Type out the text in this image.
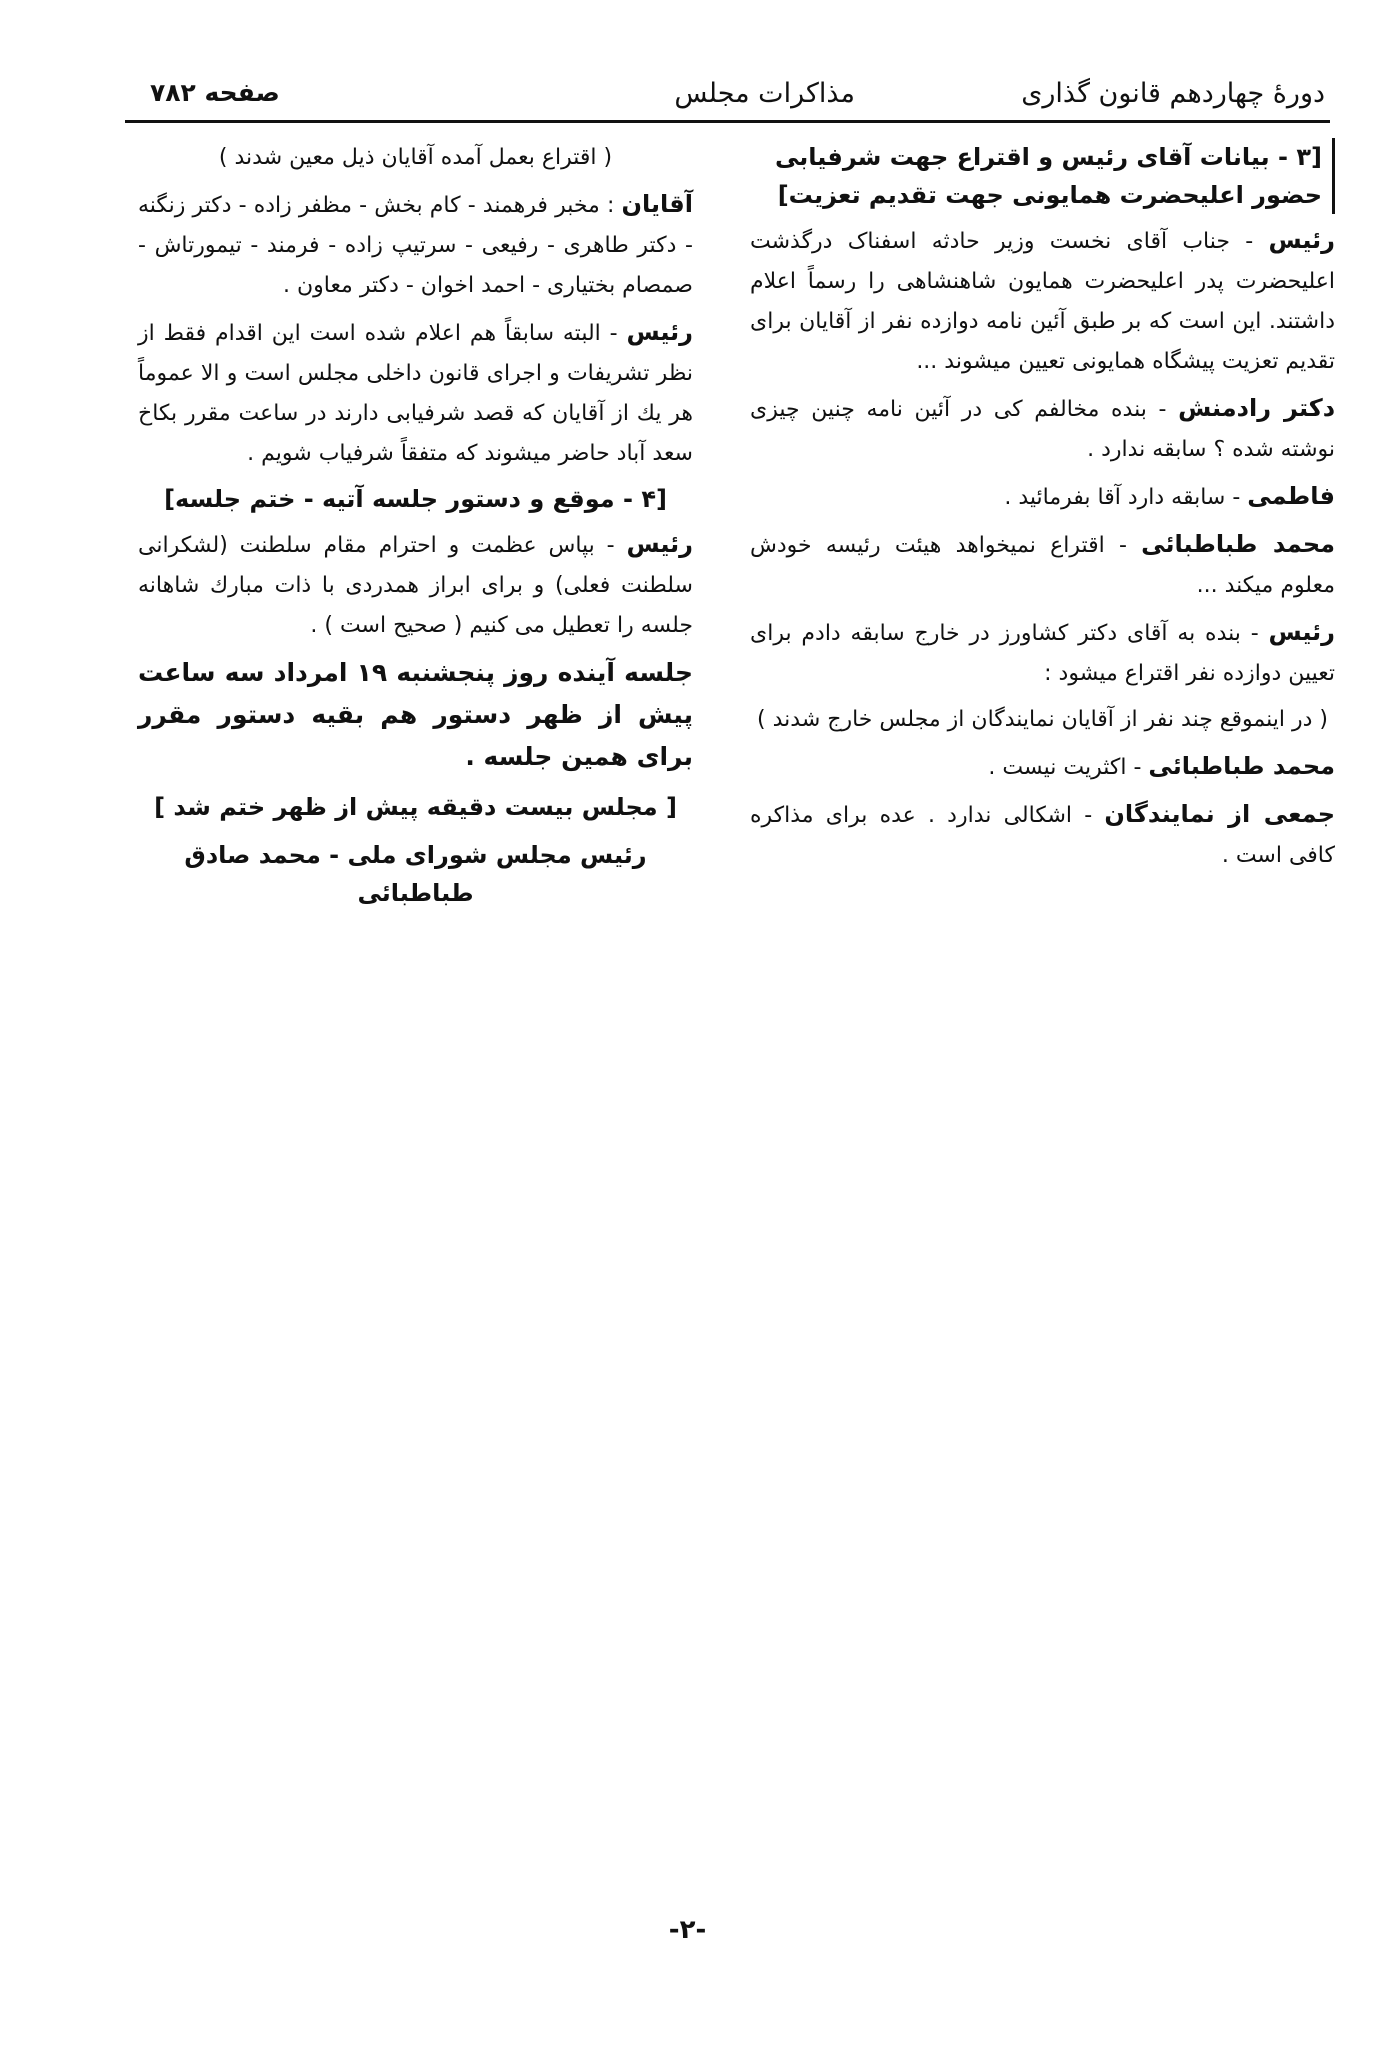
دورهٔ چهاردهم قانون گذاری
مذاکرات مجلس
صفحه ۷۸۲
[۳ - بیانات آقای رئیس و اقتراع جهت شرفیابی حضور اعلیحضرت همایونی جهت تقدیم تعزیت]

رئیس - جناب آقای نخست وزیر حادثه اسفناک درگذشت اعلیحضرت پدر اعلیحضرت همایون شاهنشاهی را رسماً اعلام داشتند. این است که بر طبق آئین نامه دوازده نفر از آقایان برای تقدیم تعزیت پیشگاه همایونی تعیین میشوند ...

دکتر رادمنش - بنده مخالفم کی در آئین نامه چنین چیزی نوشته شده ؟ سابقه ندارد .

فاطمی - سابقه دارد آقا بفرمائید .

محمد طباطبائی - اقتراع نمیخواهد هیئت رئیسه خودش معلوم میکند ...

رئیس - بنده به آقای دکتر کشاورز در خارج سابقه دادم برای تعیین دوازده نفر اقتراع میشود :

( در اینموقع چند نفر از آقایان نمایندگان از مجلس خارج شدند )

محمد طباطبائی - اکثریت نیست .

جمعی از نمایندگان - اشکالی ندارد . عده برای مذاکره کافی است .

( اقتراع بعمل آمده آقایان ذیل معین شدند )

آقایان : مخبر فرهمند - کام بخش - مظفر زاده - دکتر زنگنه - دکتر طاهری - رفیعی - سرتیپ زاده - فرمند - تیمورتاش - صمصام بختیاری - احمد اخوان - دکتر معاون .

رئیس - البته سابقاً هم اعلام شده است این اقدام فقط از نظر تشریفات و اجرای قانون داخلی مجلس است و الا عموماً هر یك از آقایان که قصد شرفیابی دارند در ساعت مقرر بکاخ سعد آباد حاضر میشوند که متفقاً شرفیاب شویم .

[۴ - موقع و دستور جلسه آتیه - ختم جلسه]

رئیس - بپاس عظمت و احترام مقام سلطنت (لشکرانی سلطنت فعلی) و برای ابراز همدردی با ذات مبارك شاهانه جلسه را تعطیل می کنیم ( صحیح است ) .

جلسه آینده روز پنجشنبه ۱۹ امرداد سه ساعت پیش از ظهر دستور هم بقیه دستور مقرر برای همین جلسه .

[ مجلس بیست دقیقه پیش از ظهر ختم شد ]
رئیس مجلس شورای ملی - محمد صادق طباطبائی
-۲-
